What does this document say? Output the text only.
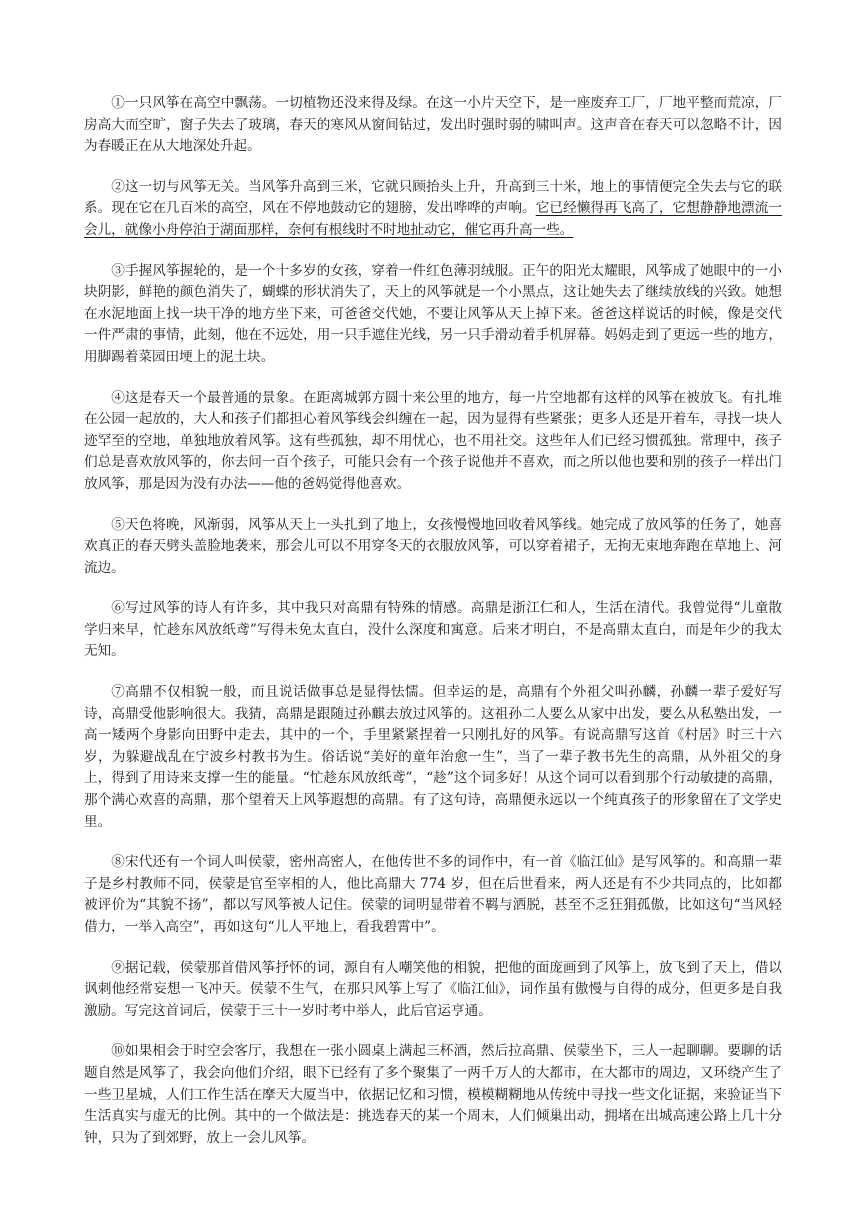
①一只风筝在高空中飘荡。一切植物还没来得及绿。在这一小片天空下，是一座废弃工厂，厂地平整而荒凉，厂房高大而空旷，窗子失去了玻璃，春天的寒风从窗间钻过，发出时强时弱的啸叫声。这声音在春天可以忽略不计，因为春暖正在从大地深处升起。

②这一切与风筝无关。当风筝升高到三米，它就只顾抬头上升，升高到三十米，地上的事情便完全失去与它的联系。现在它在几百米的高空，风在不停地鼓动它的翅膀，发出哗哗的声响。它已经懒得再飞高了，它想静静地漂流一会儿，就像小舟停泊于湖面那样，奈何有根线时不时地扯动它，催它再升高一些。

③手握风筝握轮的，是一个十多岁的女孩，穿着一件红色薄羽绒服。正午的阳光太耀眼，风筝成了她眼中的一小块阴影，鲜艳的颜色消失了，蝴蝶的形状消失了，天上的风筝就是一个小黑点，这让她失去了继续放线的兴致。她想在水泥地面上找一块干净的地方坐下来，可爸爸交代她，不要让风筝从天上掉下来。爸爸这样说话的时候，像是交代一件严肃的事情，此刻，他在不远处，用一只手遮住光线，另一只手滑动着手机屏幕。妈妈走到了更远一些的地方，用脚踢着菜园田埂上的泥土块。

④这是春天一个最普通的景象。在距离城郭方圆十来公里的地方，每一片空地都有这样的风筝在被放飞。有扎堆在公园一起放的，大人和孩子们都担心着风筝线会纠缠在一起，因为显得有些紧张；更多人还是开着车，寻找一块人迹罕至的空地，单独地放着风筝。这有些孤独，却不用忧心，也不用社交。这些年人们已经习惯孤独。常理中，孩子们总是喜欢放风筝的，你去问一百个孩子，可能只会有一个孩子说他并不喜欢，而之所以他也要和别的孩子一样出门放风筝，那是因为没有办法——他的爸妈觉得他喜欢。

⑤天色将晚，风渐弱，风筝从天上一头扎到了地上，女孩慢慢地回收着风筝线。她完成了放风筝的任务了，她喜欢真正的春天劈头盖脸地袭来，那会儿可以不用穿冬天的衣服放风筝，可以穿着裙子，无拘无束地奔跑在草地上、河流边。

⑥写过风筝的诗人有许多，其中我只对高鼎有特殊的情感。高鼎是浙江仁和人，生活在清代。我曾觉得“儿童散学归来早，忙趁东风放纸鸢”写得未免太直白，没什么深度和寓意。后来才明白，不是高鼎太直白，而是年少的我太无知。

⑦高鼎不仅相貌一般，而且说话做事总是显得怯懦。但幸运的是，高鼎有个外祖父叫孙麟，孙麟一辈子爱好写诗，高鼎受他影响很大。我猜，高鼎是跟随过孙麒去放过风筝的。这祖孙二人要么从家中出发，要么从私塾出发，一高一矮两个身影向田野中走去，其中的一个，手里紧紧捏着一只刚扎好的风筝。有说高鼎写这首《村居》时三十六岁，为躲避战乱在宁波乡村教书为生。俗话说“美好的童年治愈一生”，当了一辈子教书先生的高鼎，从外祖父的身上，得到了用诗来支撑一生的能量。“忙趁东风放纸鸢”，“趁”这个词多好！从这个词可以看到那个行动敏捷的高鼎，那个满心欢喜的高鼎，那个望着天上风筝遐想的高鼎。有了这句诗，高鼎便永远以一个纯真孩子的形象留在了文学史里。

⑧宋代还有一个词人叫侯蒙，密州高密人，在他传世不多的词作中，有一首《临江仙》是写风筝的。和高鼎一辈子是乡村教师不同，侯蒙是官至宰相的人，他比高鼎大 774 岁，但在后世看来，两人还是有不少共同点的，比如都被评价为“其貌不扬”，都以写风筝被人记住。侯蒙的词明显带着不羁与洒脱，甚至不乏狂狷孤傲，比如这句“当风轻借力，一举入高空”，再如这句“儿人平地上，看我碧霄中”。

⑨据记载，侯蒙那首借风筝抒怀的词，源自有人嘲笑他的相貌，把他的面庞画到了风筝上，放飞到了天上，借以讽刺他经常妄想一飞冲天。侯蒙不生气，在那只风筝上写了《临江仙》，词作虽有傲慢与自得的成分，但更多是自我激励。写完这首词后，侯蒙于三十一岁时考中举人，此后官运亨通。

⑩如果相会于时空会客厅，我想在一张小圆桌上满起三杯酒，然后拉高鼎、侯蒙坐下，三人一起聊聊。要聊的话题自然是风筝了，我会向他们介绍，眼下已经有了多个聚集了一两千万人的大都市，在大都市的周边，又环绕产生了一些卫星城，人们工作生活在摩天大厦当中，依据记忆和习惯，模模糊糊地从传统中寻找一些文化证据，来验证当下生活真实与虚无的比例。其中的一个做法是：挑选春天的某一个周末，人们倾巢出动，拥堵在出城高速公路上几十分钟，只为了到郊野，放上一会儿风筝。
